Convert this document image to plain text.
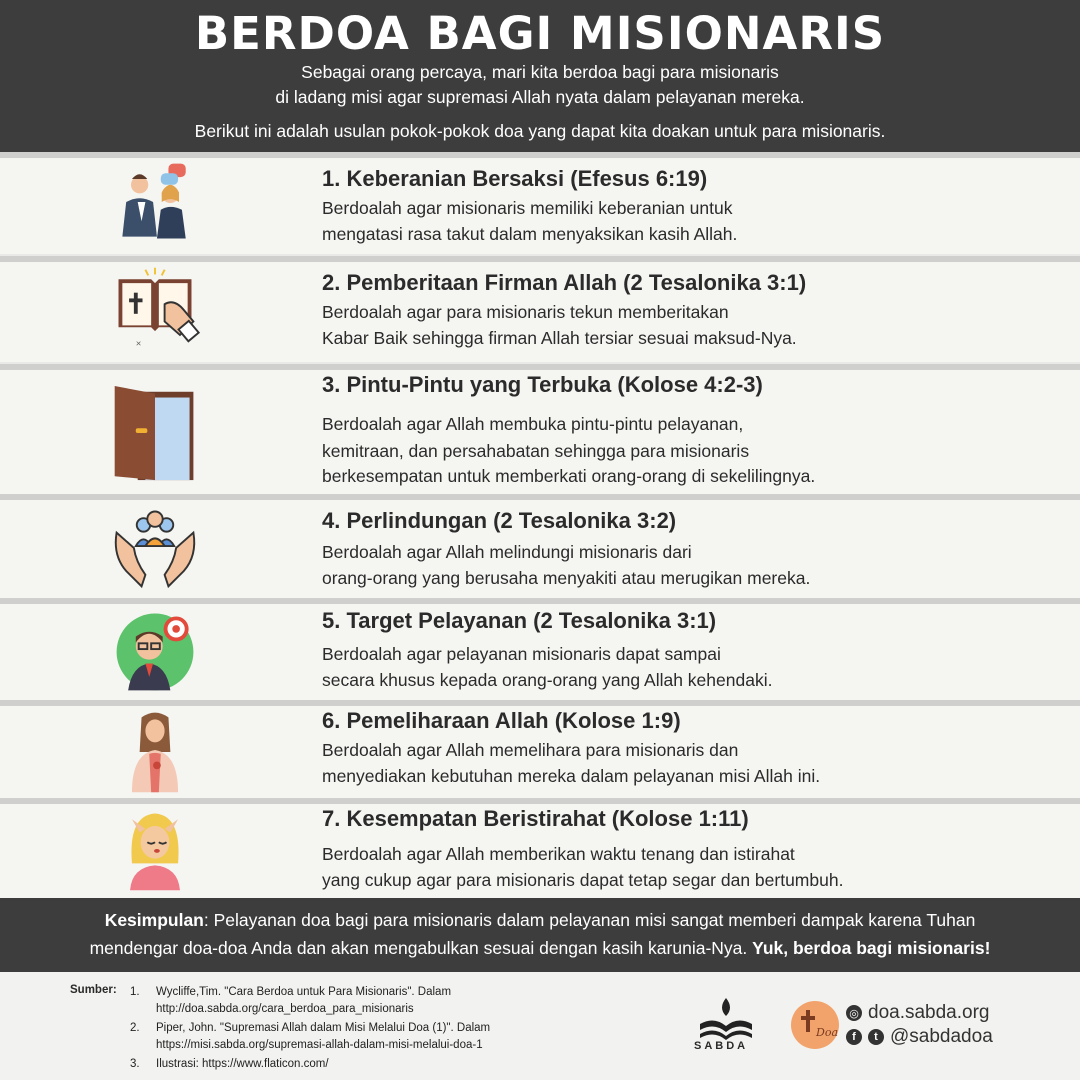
BERDOA BAGI MISIONARIS
Sebagai orang percaya, mari kita berdoa bagi para misionaris
di ladang misi agar supremasi Allah nyata dalam pelayanan mereka.
Berikut ini adalah usulan pokok-pokok doa yang dapat kita doakan untuk para misionaris.
1. Keberanian Bersaksi (Efesus 6:19)
Berdoalah agar misionaris memiliki keberanian untuk
mengatasi rasa takut dalam menyaksikan kasih Allah.
×
2. Pemberitaan Firman Allah (2 Tesalonika 3:1)
Berdoalah agar para misionaris tekun memberitakan
Kabar Baik sehingga firman Allah tersiar sesuai maksud-Nya.
3. Pintu-Pintu yang Terbuka (Kolose 4:2-3)
Berdoalah agar Allah membuka pintu-pintu pelayanan,
kemitraan, dan persahabatan sehingga para misionaris
berkesempatan untuk memberkati orang-orang di sekelilingnya.
4. Perlindungan (2 Tesalonika 3:2)
Berdoalah agar Allah melindungi misionaris dari
orang-orang yang berusaha menyakiti atau merugikan mereka.
5. Target Pelayanan (2 Tesalonika 3:1)
Berdoalah agar pelayanan misionaris dapat sampai
secara khusus kepada orang-orang yang Allah kehendaki.
6. Pemeliharaan Allah (Kolose 1:9)
Berdoalah agar Allah memelihara para misionaris dan
menyediakan kebutuhan mereka dalam pelayanan misi Allah ini.
7. Kesempatan Beristirahat (Kolose 1:11)
Berdoalah agar Allah memberikan waktu tenang dan istirahat
yang cukup agar para misionaris dapat tetap segar dan bertumbuh.
Kesimpulan: Pelayanan doa bagi para misionaris dalam pelayanan misi sangat memberi dampak karena Tuhan
mendengar doa-doa Anda dan akan mengabulkan sesuai dengan kasih karunia-Nya. Yuk, berdoa bagi misionaris!
Sumber: 1. Wycliffe,Tim. "Cara Berdoa untuk Para Misionaris". Dalam
http://doa.sabda.org/cara_berdoa_para_misionaris
2. Piper, John. "Supremasi Allah dalam Misi Melalui Doa (1)". Dalam
https://misi.sabda.org/supremasi-allah-dalam-misi-melalui-doa-1
3. Ilustrasi: https://www.flaticon.com/
SABDA
Doa
◎ doa.sabda.org
f	t @sabdadoa
